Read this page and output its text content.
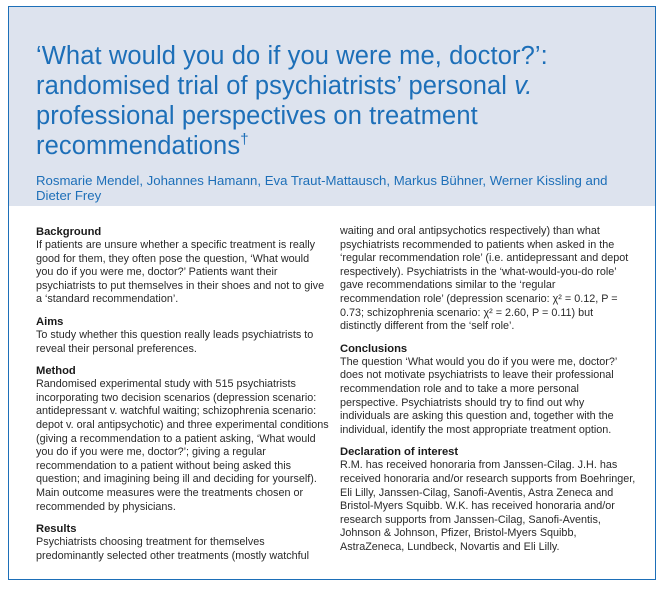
‘What would you do if you were me, doctor?’: randomised trial of psychiatrists’ personal v. professional perspectives on treatment recommendations†
Rosmarie Mendel, Johannes Hamann, Eva Traut-Mattausch, Markus Bühner, Werner Kissling and Dieter Frey
Background

If patients are unsure whether a specific treatment is really good for them, they often pose the question, ‘What would you do if you were me, doctor?’ Patients want their psychiatrists to put themselves in their shoes and not to give a ‘standard recommendation’.

Aims

To study whether this question really leads psychiatrists to reveal their personal preferences.

Method

Randomised experimental study with 515 psychiatrists incorporating two decision scenarios (depression scenario: antidepressant v. watchful waiting; schizophrenia scenario: depot v. oral antipsychotic) and three experimental conditions (giving a recommendation to a patient asking, ‘What would you do if you were me, doctor?’; giving a regular recommendation to a patient without being asked this question; and imagining being ill and deciding for yourself). Main outcome measures were the treatments chosen or recommended by physicians.

Results

Psychiatrists choosing treatment for themselves predominantly selected other treatments (mostly watchful

waiting and oral antipsychotics respectively) than what psychiatrists recommended to patients when asked in the ‘regular recommendation role’ (i.e. antidepressant and depot respectively). Psychiatrists in the ‘what-would-you-do role’ gave recommendations similar to the ‘regular recommendation role’ (depression scenario: χ² = 0.12, P = 0.73; schizophrenia scenario: χ² = 2.60, P = 0.11) but distinctly different from the ‘self role’.

Conclusions

The question ‘What would you do if you were me, doctor?’ does not motivate psychiatrists to leave their professional recommendation role and to take a more personal perspective. Psychiatrists should try to find out why individuals are asking this question and, together with the individual, identify the most appropriate treatment option.

Declaration of interest

R.M. has received honoraria from Janssen-Cilag. J.H. has received honoraria and/or research supports from Boehringer, Eli Lilly, Janssen-Cilag, Sanofi-Aventis, Astra Zeneca and Bristol-Myers Squibb. W.K. has received honoraria and/or research supports from Janssen-Cilag, Sanofi-Aventis, Johnson & Johnson, Pfizer, Bristol-Myers Squibb, AstraZeneca, Lundbeck, Novartis and Eli Lilly.
